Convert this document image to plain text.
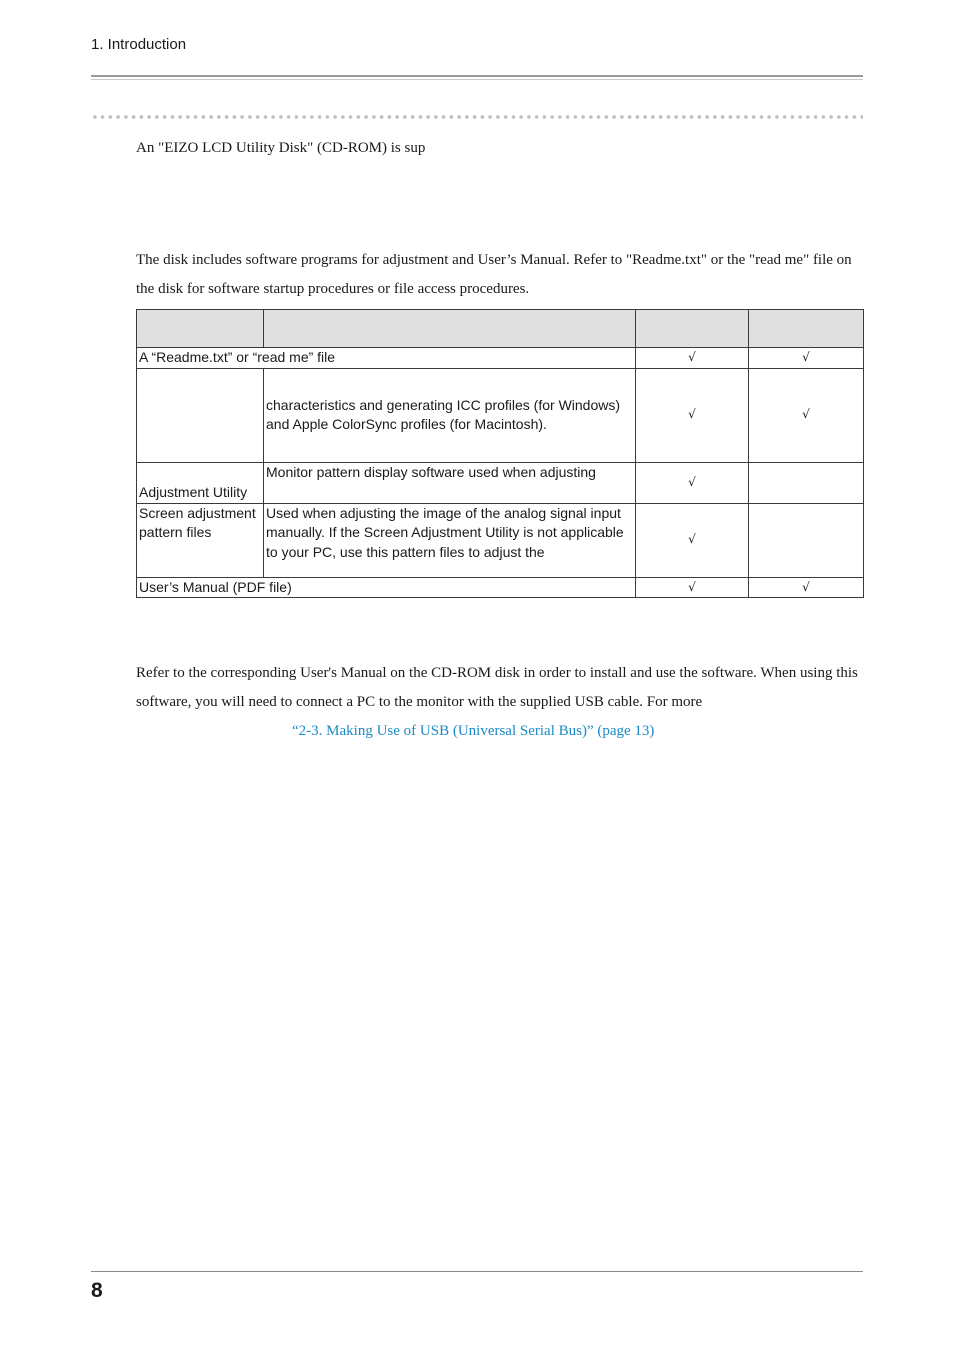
1. Introduction
An "EIZO LCD Utility Disk" (CD-ROM) is sup
The disk includes software programs for adjustment and User’s Manual. Refer to "Readme.txt" or the "read me" file on the disk for software startup procedures or file access procedures.

A “Readme.txt” or “read me” file		√	√
	characteristics and generating ICC profiles (for Windows) and Apple ColorSync profiles (for Macintosh).	√	√
Adjustment Utility	Monitor pattern display software used when adjusting	√	
Screen adjustment pattern files	Used when adjusting the image of the analog signal input manually. If the Screen Adjustment Utility is not applicable to your PC, use this pattern files to adjust the	√	
User’s Manual (PDF file)		√	√
Refer to the corresponding User's Manual on the CD-ROM disk in order to install and use the software. When using this software, you will need to connect a PC to the monitor with the supplied USB cable. For more
“2-3. Making Use of USB (Universal Serial Bus)” (page 13)
8
